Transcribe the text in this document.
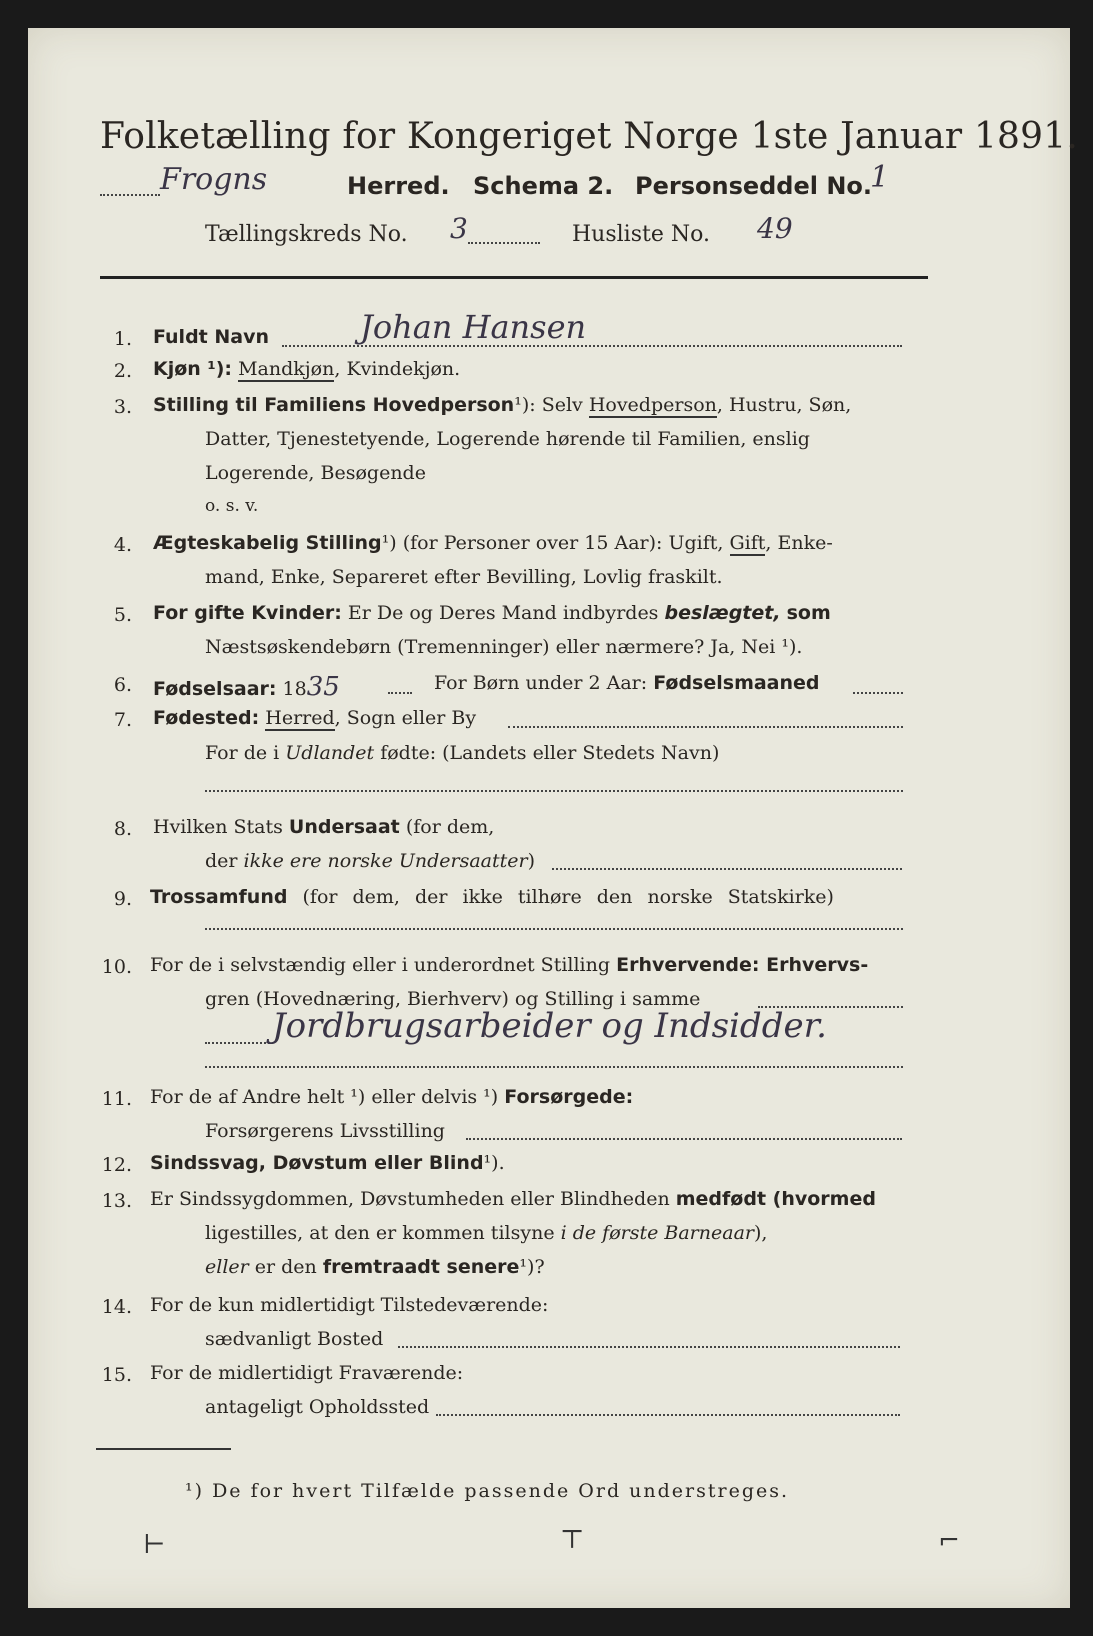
Folketælling for Kongeriget Norge 1ste Januar 1891.
Frogns	Herred. Schema 2. Personseddel No.
1
Tællingskreds No. 3	Husliste No. 49
1. Fuldt Navn	Johan Hansen
2. Kjøn ¹): Mandkjøn, Kvindekjøn.
3. Stilling til Familiens Hovedperson¹): Selv Hovedperson, Hustru, Søn,
Datter, Tjenestetyende, Logerende hørende til Familien, enslig
Logerende, Besøgende
o. s. v.
4. Ægteskabelig Stilling¹) (for Personer over 15 Aar): Ugift, Gift, Enke-
mand, Enke, Separeret efter Bevilling, Lovlig fraskilt.
5. For gifte Kvinder: Er De og Deres Mand indbyrdes beslægtet, som
Næstsøskendebørn (Tremenninger) eller nærmere? Ja, Nei ¹).
6. Fødselsaar: 1835	For Børn under 2 Aar: Fødselsmaaned
7. Fødested: Herred, Sogn eller By
For de i Udlandet fødte: (Landets eller Stedets Navn)
8. Hvilken Stats Undersaat (for dem,
der ikke ere norske Undersaatter)
9. Trossamfund (for dem, der ikke tilhøre den norske Statskirke)
10. For de i selvstændig eller i underordnet Stilling Erhvervende: Erhvervs-
gren (Hovednæring, Bierhverv) og Stilling i samme
Jordbrugsarbeider og Indsidder.
11. For de af Andre helt ¹) eller delvis ¹) Forsørgede:
Forsørgerens Livsstilling
12. Sindssvag, Døvstum eller Blind¹).
13. Er Sindssygdommen, Døvstumheden eller Blindheden medfødt (hvormed
ligestilles, at den er kommen tilsyne i de første Barneaar),
eller er den fremtraadt senere¹)?
14. For de kun midlertidigt Tilstedeværende:
sædvanligt Bosted
15. For de midlertidigt Fraværende:
antageligt Opholdssted
¹) De for hvert Tilfælde passende Ord understreges.
⊢	⊤	⌐
